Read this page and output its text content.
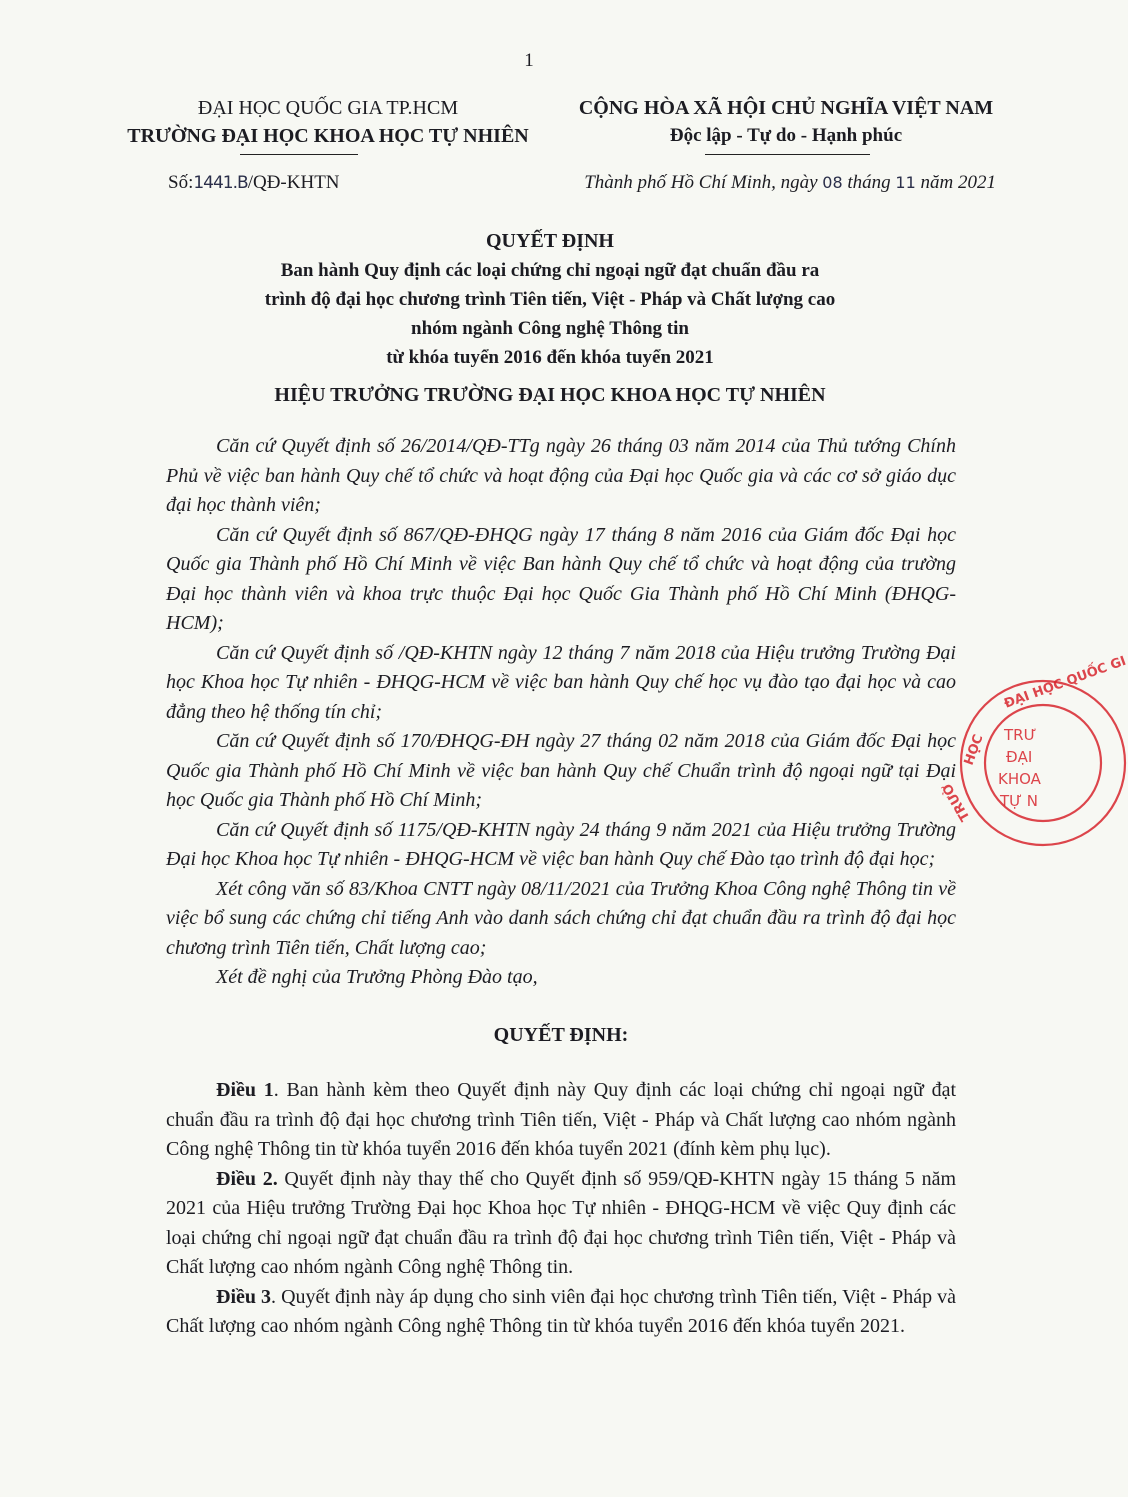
1
ĐẠI HỌC QUỐC GIA TP.HCM
TRƯỜNG ĐẠI HỌC KHOA HỌC TỰ NHIÊN
CỘNG HÒA XÃ HỘI CHỦ NGHĨA VIỆT NAM
Độc lập - Tự do - Hạnh phúc
Số:1441.B/QĐ-KHTN	Thành phố Hồ Chí Minh, ngày 08 tháng 11 năm 2021
QUYẾT ĐỊNH
Ban hành Quy định các loại chứng chỉ ngoại ngữ đạt chuẩn đầu ra
trình độ đại học chương trình Tiên tiến, Việt - Pháp và Chất lượng cao
nhóm ngành Công nghệ Thông tin
từ khóa tuyển 2016 đến khóa tuyển 2021
HIỆU TRƯỞNG TRƯỜNG ĐẠI HỌC KHOA HỌC TỰ NHIÊN

Căn cứ Quyết định số 26/2014/QĐ-TTg ngày 26 tháng 03 năm 2014 của Thủ tướng Chính Phủ về việc ban hành Quy chế tổ chức và hoạt động của Đại học Quốc gia và các cơ sở giáo dục đại học thành viên;

Căn cứ Quyết định số 867/QĐ-ĐHQG ngày 17 tháng 8 năm 2016 của Giám đốc Đại học Quốc gia Thành phố Hồ Chí Minh về việc Ban hành Quy chế tổ chức và hoạt động của trường Đại học thành viên và khoa trực thuộc Đại học Quốc Gia Thành phố Hồ Chí Minh (ĐHQG-HCM);

Căn cứ Quyết định số /QĐ-KHTN ngày 12 tháng 7 năm 2018 của Hiệu trưởng Trường Đại học Khoa học Tự nhiên - ĐHQG-HCM về việc ban hành Quy chế học vụ đào tạo đại học và cao đẳng theo hệ thống tín chỉ;

Căn cứ Quyết định số 170/ĐHQG-ĐH ngày 27 tháng 02 năm 2018 của Giám đốc Đại học Quốc gia Thành phố Hồ Chí Minh về việc ban hành Quy chế Chuẩn trình độ ngoại ngữ tại Đại học Quốc gia Thành phố Hồ Chí Minh;

Căn cứ Quyết định số 1175/QĐ-KHTN ngày 24 tháng 9 năm 2021 của Hiệu trưởng Trường Đại học Khoa học Tự nhiên - ĐHQG-HCM về việc ban hành Quy chế Đào tạo trình độ đại học;

Xét công văn số 83/Khoa CNTT ngày 08/11/2021 của Trưởng Khoa Công nghệ Thông tin về việc bổ sung các chứng chỉ tiếng Anh vào danh sách chứng chỉ đạt chuẩn đầu ra trình độ đại học chương trình Tiên tiến, Chất lượng cao;

Xét đề nghị của Trưởng Phòng Đào tạo,

QUYẾT ĐỊNH:

Điều 1. Ban hành kèm theo Quyết định này Quy định các loại chứng chỉ ngoại ngữ đạt chuẩn đầu ra trình độ đại học chương trình Tiên tiến, Việt - Pháp và Chất lượng cao nhóm ngành Công nghệ Thông tin từ khóa tuyển 2016 đến khóa tuyển 2021 (đính kèm phụ lục).

Điều 2. Quyết định này thay thế cho Quyết định số 959/QĐ-KHTN ngày 15 tháng 5 năm 2021 của Hiệu trưởng Trường Đại học Khoa học Tự nhiên - ĐHQG-HCM về việc Quy định các loại chứng chỉ ngoại ngữ đạt chuẩn đầu ra trình độ đại học chương trình Tiên tiến, Việt - Pháp và Chất lượng cao nhóm ngành Công nghệ Thông tin.

Điều 3. Quyết định này áp dụng cho sinh viên đại học chương trình Tiên tiến, Việt - Pháp và Chất lượng cao nhóm ngành Công nghệ Thông tin từ khóa tuyển 2016 đến khóa tuyển 2021.

ĐẠI HỌC QUỐC GI
HỌC
TRƯỜ
TRƯ
ĐẠI
KHOA
TỰ N
